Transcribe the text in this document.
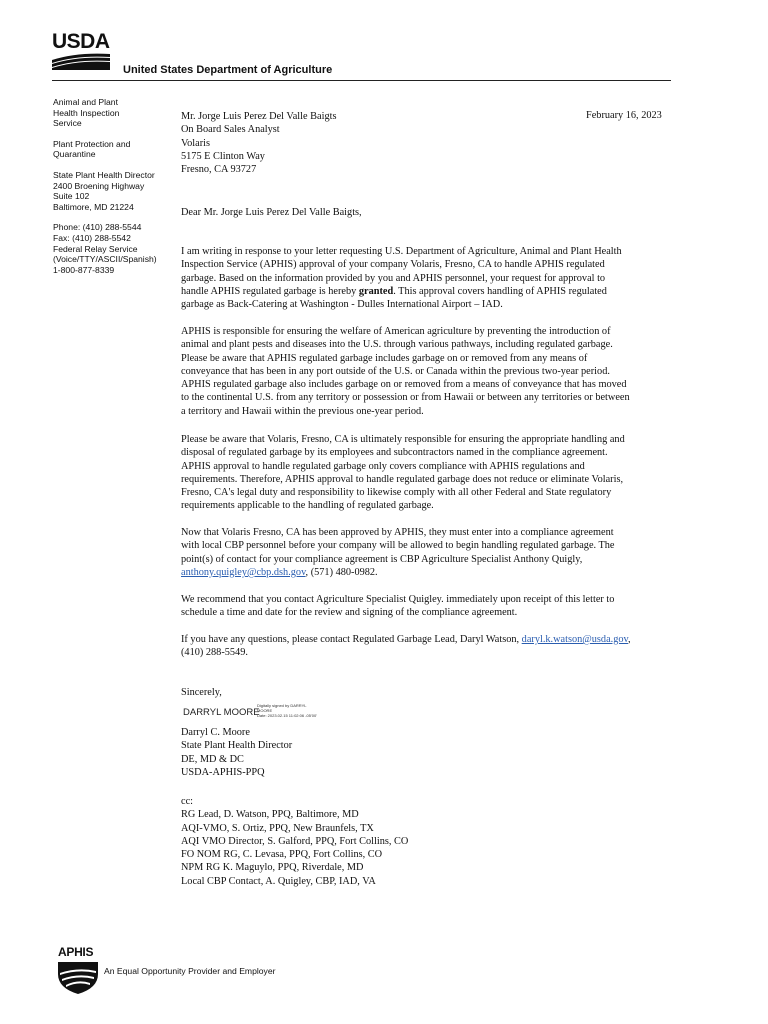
USDA
United States Department of Agriculture
Animal and Plant
Health Inspection
Service
Plant Protection and
Quarantine
State Plant Health Director
2400 Broening Highway
Suite 102
Baltimore, MD 21224
Phone: (410) 288-5544
Fax: (410) 288-5542
Federal Relay Service
(Voice/TTY/ASCII/Spanish)
1-800-877-8339
February 16, 2023
Mr. Jorge Luis Perez Del Valle Baigts
On Board Sales Analyst
Volaris
5175 E Clinton Way
Fresno, CA 93727
Dear Mr. Jorge Luis Perez Del Valle Baigts,
I am writing in response to your letter requesting U.S. Department of Agriculture, Animal and Plant Health
Inspection Service (APHIS) approval of your company Volaris, Fresno, CA to handle APHIS regulated
garbage. Based on the information provided by you and APHIS personnel, your request for approval to
handle APHIS regulated garbage is hereby granted. This approval covers handling of APHIS regulated
garbage as Back-Catering at Washington - Dulles International Airport – IAD.
APHIS is responsible for ensuring the welfare of American agriculture by preventing the introduction of
animal and plant pests and diseases into the U.S. through various pathways, including regulated garbage.
Please be aware that APHIS regulated garbage includes garbage on or removed from any means of
conveyance that has been in any port outside of the U.S. or Canada within the previous two-year period.
APHIS regulated garbage also includes garbage on or removed from a means of conveyance that has moved
to the continental U.S. from any territory or possession or from Hawaii or between any territories or between
a territory and Hawaii within the previous one-year period.
Please be aware that Volaris, Fresno, CA is ultimately responsible for ensuring the appropriate handling and
disposal of regulated garbage by its employees and subcontractors named in the compliance agreement.
APHIS approval to handle regulated garbage only covers compliance with APHIS regulations and
requirements. Therefore, APHIS approval to handle regulated garbage does not reduce or eliminate Volaris,
Fresno, CA's legal duty and responsibility to likewise comply with all other Federal and State regulatory
requirements applicable to the handling of regulated garbage.
Now that Volaris Fresno, CA has been approved by APHIS, they must enter into a compliance agreement
with local CBP personnel before your company will be allowed to begin handling regulated garbage. The
point(s) of contact for your compliance agreement is CBP Agriculture Specialist Anthony Quigly,
anthony.quigley@cbp.dsh.gov, (571) 480-0982.
We recommend that you contact Agriculture Specialist Quigley. immediately upon receipt of this letter to
schedule a time and date for the review and signing of the compliance agreement.
If you have any questions, please contact Regulated Garbage Lead, Daryl Watson, daryl.k.watson@usda.gov,
(410) 288-5549.
Sincerely,
DARRYL MOORE
Digitally signed by DARRYL
MOORE
Date: 2023.02.15 11:02:06 -05'00'
Darryl C. Moore
State Plant Health Director
DE, MD & DC
USDA-APHIS-PPQ
cc:
RG Lead, D. Watson, PPQ, Baltimore, MD
AQI-VMO, S. Ortiz, PPQ, New Braunfels, TX
AQI VMO Director, S. Galford, PPQ, Fort Collins, CO
FO NOM RG, C. Levasa, PPQ, Fort Collins, CO
NPM RG K. Maguylo, PPQ, Riverdale, MD
Local CBP Contact, A. Quigley, CBP, IAD, VA
APHIS
An Equal Opportunity Provider and Employer
